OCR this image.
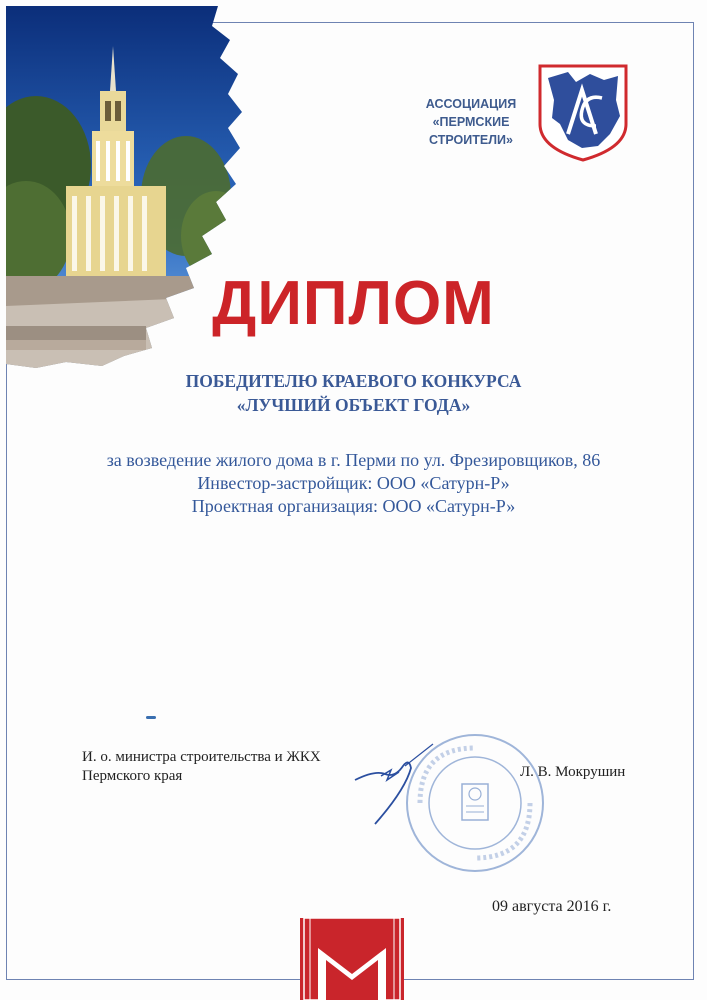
АССОЦИАЦИЯ
«ПЕРМСКИЕ
СТРОИТЕЛИ»
ДИПЛОМ
ПОБЕДИТЕЛЮ КРАЕВОГО КОНКУРСА
«ЛУЧШИЙ ОБЪЕКТ ГОДА»
за возведение жилого дома в г. Перми по ул. Фрезировщиков, 86
Инвестор-застройщик: ООО «Сатурн-Р»
Проектная организация: ООО «Сатурн-Р»
И. о. министра строительства и ЖКХ
Пермского края	Л. В. Мокрушин
09 августа 2016 г.
